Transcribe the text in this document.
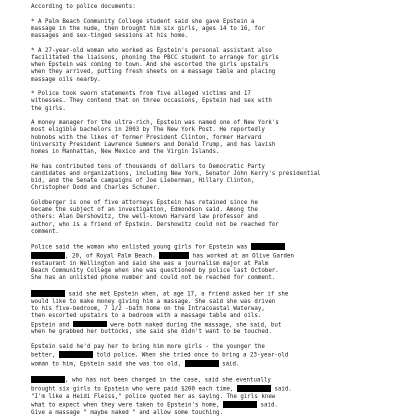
According to police documents:
* A Palm Beach Community College student said she gave Epstein a
massage in the nude, then brought him six girls, ages 14 to 16, for
massages and sex-tinged sessions at his home.
* A 27-year-old woman who worked as Epstein's personal assistant also
facilitated the liaisons, phoning the PBCC student to arrange for girls
when Epstein was coming to town. And she escorted the girls upstairs
when they arrived, putting fresh sheets on a massage table and placing
massage oils nearby.
* Police took sworn statements from five alleged victims and 17
witnesses. They contend that on three occasions, Epstein had sex with
the girls.
A money manager for the ultra-rich, Epstein was named one of New York's
most eligible bachelors in 2003 by The New York Post. He reportedly
hobnobs with the likes of former President Clinton, former Harvard
University President Lawrence Summers and Donald Trump, and has lavish
homes in Manhattan, New Mexico and the Virgin Islands.
He has contributed tens of thousands of dollars to Democratic Party
candidates and organizations, including New York, Senator John Kerry's presidential
bid, and the Senate campaigns of Joe Lieberman, Hillary Clinton,
Christopher Dodd and Charles Schumer.
Goldberger is one of five attorneys Epstein has retained since he
became the subject of an investigation, Edmondson said. Among the
others: Alan Dershowitz, the well-known Harvard law professor and
author, who is a friend of Epstein. Dershowitz could not be reached for
comment.
Police said the woman who enlisted young girls for Epstein was
, 20, of Royal Palm Beach.	has worked at an Olive Garden
restaurant in Wellington and said she was a journalism major at Palm
Beach Community College when she was questioned by police last October.
She has an unlisted phone number and could not be reached for comment.
said she met Epstein when, at age 17, a friend asked her if she
would like to make money giving him a massage. She said she was driven
to his five-bedroom, 7 1/2 -bath home on the Intracoastal Waterway,
then escorted upstairs to a bedroom with a massage table and oils.
Epstein and	were both naked during the massage, she said, but
when he grabbed her buttocks, she said she didn't want to be touched.
Epstein said he'd pay her to bring him more girls - the younger the
better,	told police. When she tried once to bring a 23-year-old
woman to him, Epstein said she was too old,	said.
, who has not been charged in the case, said she eventually
brought six girls to Epstein who were paid $200 each time,	said.
"I'm like a Heidi Fleiss," police quoted her as saying. The girls knew
what to expect when they were taken to Epstein's home,	said.
Give a massage " maybe naked " and allow some touching.
